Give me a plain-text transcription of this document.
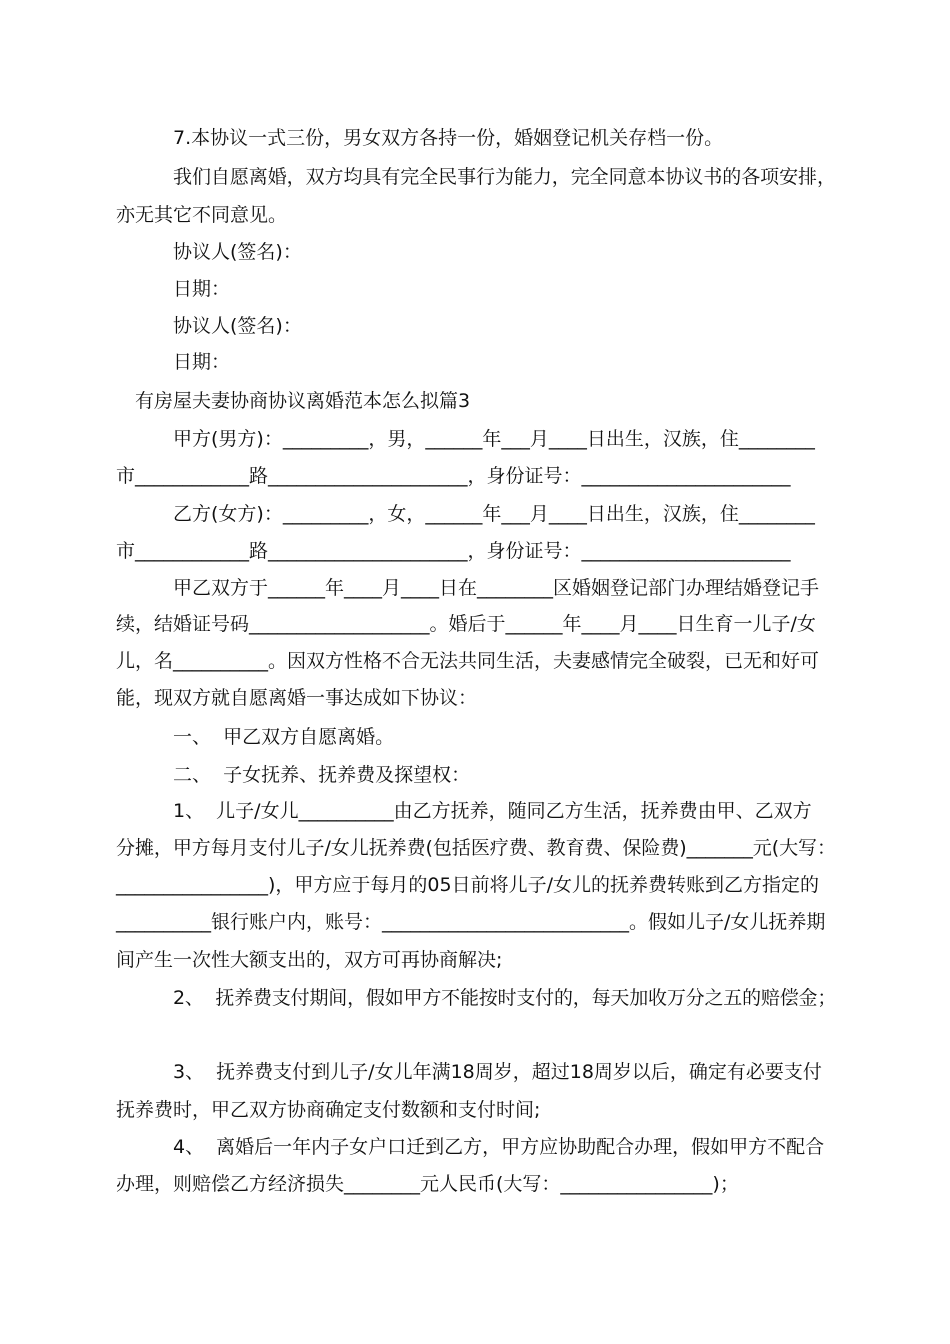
7.本协议一式三份，男女双方各持一份，婚姻登记机关存档一份。
我们自愿离婚，双方均具有完全民事行为能力，完全同意本协议书的各项安排，
亦无其它不同意见。
协议人(签名)：
日期：
协议人(签名)：
日期：
有房屋夫妻协商协议离婚范本怎么拟篇3
甲方(男方)：_________，男，______年___月____日出生，汉族，住________
市____________路_____________________，身份证号：______________________
乙方(女方)：_________，女，______年___月____日出生，汉族，住________
市____________路_____________________，身份证号：______________________
甲乙双方于______年____月____日在________区婚姻登记部门办理结婚登记手
续，结婚证号码___________________。婚后于______年____月____日生育一儿子/女
儿，名__________。因双方性格不合无法共同生活，夫妻感情完全破裂，已无和好可
能，现双方就自愿离婚一事达成如下协议：
一、  甲乙双方自愿离婚。
二、  子女抚养、抚养费及探望权：
1、  儿子/女儿__________由乙方抚养，随同乙方生活，抚养费由甲、乙双方
分摊，甲方每月支付儿子/女儿抚养费(包括医疗费、教育费、保险费)_______元(大写：
________________)，甲方应于每月的05日前将儿子/女儿的抚养费转账到乙方指定的
__________银行账户内，账号：__________________________。假如儿子/女儿抚养期
间产生一次性大额支出的，双方可再协商解决;
2、  抚养费支付期间，假如甲方不能按时支付的，每天加收万分之五的赔偿金；
3、  抚养费支付到儿子/女儿年满18周岁，超过18周岁以后，确定有必要支付
抚养费时，甲乙双方协商确定支付数额和支付时间;
4、  离婚后一年内子女户口迁到乙方，甲方应协助配合办理，假如甲方不配合
办理，则赔偿乙方经济损失________元人民币(大写：________________)；
